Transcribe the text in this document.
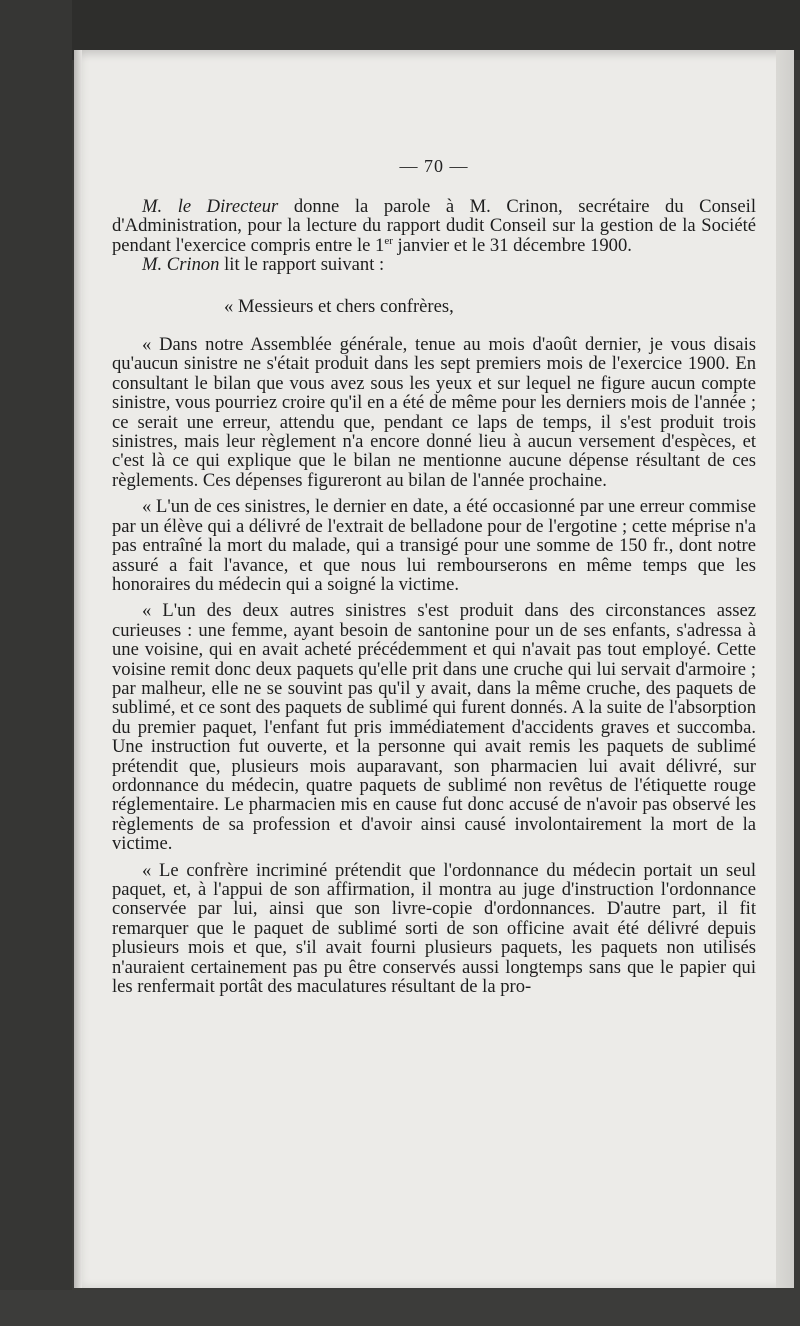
— 70 —

M. le Directeur donne la parole à M. Crinon, secrétaire du Conseil d'Administration, pour la lecture du rapport dudit Conseil sur la gestion de la Société pendant l'exercice compris entre le 1er janvier et le 31 décembre 1900.

M. Crinon lit le rapport suivant :

« Messieurs et chers confrères,

« Dans notre Assemblée générale, tenue au mois d'août dernier, je vous disais qu'aucun sinistre ne s'était produit dans les sept premiers mois de l'exercice 1900. En consultant le bilan que vous avez sous les yeux et sur lequel ne figure aucun compte sinistre, vous pourriez croire qu'il en a été de même pour les derniers mois de l'année ; ce serait une erreur, attendu que, pendant ce laps de temps, il s'est produit trois sinistres, mais leur règlement n'a encore donné lieu à aucun versement d'espèces, et c'est là ce qui explique que le bilan ne mentionne aucune dépense résultant de ces règlements. Ces dépenses figureront au bilan de l'année prochaine.

« L'un de ces sinistres, le dernier en date, a été occasionné par une erreur commise par un élève qui a délivré de l'extrait de belladone pour de l'ergotine ; cette méprise n'a pas entraîné la mort du malade, qui a transigé pour une somme de 150 fr., dont notre assuré a fait l'avance, et que nous lui rembourserons en même temps que les honoraires du médecin qui a soigné la victime.

« L'un des deux autres sinistres s'est produit dans des circonstances assez curieuses : une femme, ayant besoin de santonine pour un de ses enfants, s'adressa à une voisine, qui en avait acheté précédemment et qui n'avait pas tout employé. Cette voisine remit donc deux paquets qu'elle prit dans une cruche qui lui servait d'armoire ; par malheur, elle ne se souvint pas qu'il y avait, dans la même cruche, des paquets de sublimé, et ce sont des paquets de sublimé qui furent donnés. A la suite de l'absorption du premier paquet, l'enfant fut pris immédiatement d'accidents graves et succomba. Une instruction fut ouverte, et la personne qui avait remis les paquets de sublimé prétendit que, plusieurs mois auparavant, son pharmacien lui avait délivré, sur ordonnance du médecin, quatre paquets de sublimé non revêtus de l'étiquette rouge réglementaire. Le pharmacien mis en cause fut donc accusé de n'avoir pas observé les règlements de sa profession et d'avoir ainsi causé involontairement la mort de la victime.

« Le confrère incriminé prétendit que l'ordonnance du médecin portait un seul paquet, et, à l'appui de son affirmation, il montra au juge d'instruction l'ordonnance conservée par lui, ainsi que son livre-copie d'ordonnances. D'autre part, il fit remarquer que le paquet de sublimé sorti de son officine avait été délivré depuis plusieurs mois et que, s'il avait fourni plusieurs paquets, les paquets non utilisés n'auraient certainement pas pu être conservés aussi longtemps sans que le papier qui les renfermait portât des maculatures résultant de la pro-
